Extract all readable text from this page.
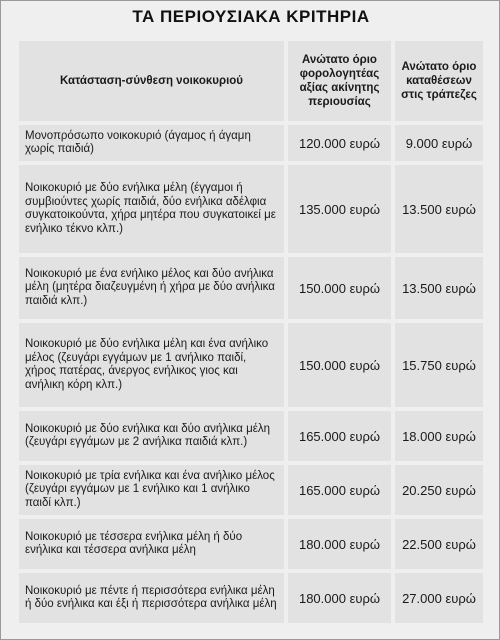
ΤΑ ΠΕΡΙΟΥΣΙΑΚΑ ΚΡΙΤΗΡΙΑ
Κατάσταση-σύνθεση νοικοκυριού	Ανώτατο όριο φορολογητέας αξίας ακίνητης περιουσίας	Ανώτατο όριο καταθέσεων στις τράπεζες
Μονοπρόσωπο νοικοκυριό (άγαμος ή άγαμη χωρίς παιδιά)	120.000 ευρώ	9.000 ευρώ
Νοικοκυριό με δύο ενήλικα μέλη (έγγαμοι ή συμβιούντες χωρίς παιδιά, δύο ενήλικα αδέλφια συγκατοικούντα, χήρα μητέρα που συγκατοικεί με ενήλικο τέκνο κλπ.)	135.000 ευρώ	13.500 ευρώ
Νοικοκυριό με ένα ενήλικο μέλος και δύο ανήλικα μέλη (μητέρα διαζευγμένη ή χήρα με δύο ανήλικα παιδιά κλπ.)	150.000 ευρώ	13.500 ευρώ
Νοικοκυριό με δύο ενήλικα μέλη και ένα ανήλικο μέλος (ζευγάρι εγγάμων με 1 ανήλικο παιδί, χήρος πατέρας, άνεργος ενήλικος γιος και ανήλικη κόρη κλπ.)	150.000 ευρώ	15.750 ευρώ
Νοικοκυριό με δύο ενήλικα και δύο ανήλικα μέλη (ζευγάρι εγγάμων με 2 ανήλικα παιδιά κλπ.)	165.000 ευρώ	18.000 ευρώ
Νοικοκυριό με τρία ενήλικα και ένα ανήλικο μέλος (ζευγάρι εγγάμων με 1 ενήλικο και 1 ανήλικο παιδί κλπ.)	165.000 ευρώ	20.250 ευρώ
Νοικοκυριό με τέσσερα ενήλικα μέλη ή δύο ενήλικα και τέσσερα ανήλικα μέλη	180.000 ευρώ	22.500 ευρώ
Νοικοκυριό με πέντε ή περισσότερα ενήλικα μέλη ή δύο ενήλικα και έξι ή περισσότερα ανήλικα μέλη	180.000 ευρώ	27.000 ευρώ
